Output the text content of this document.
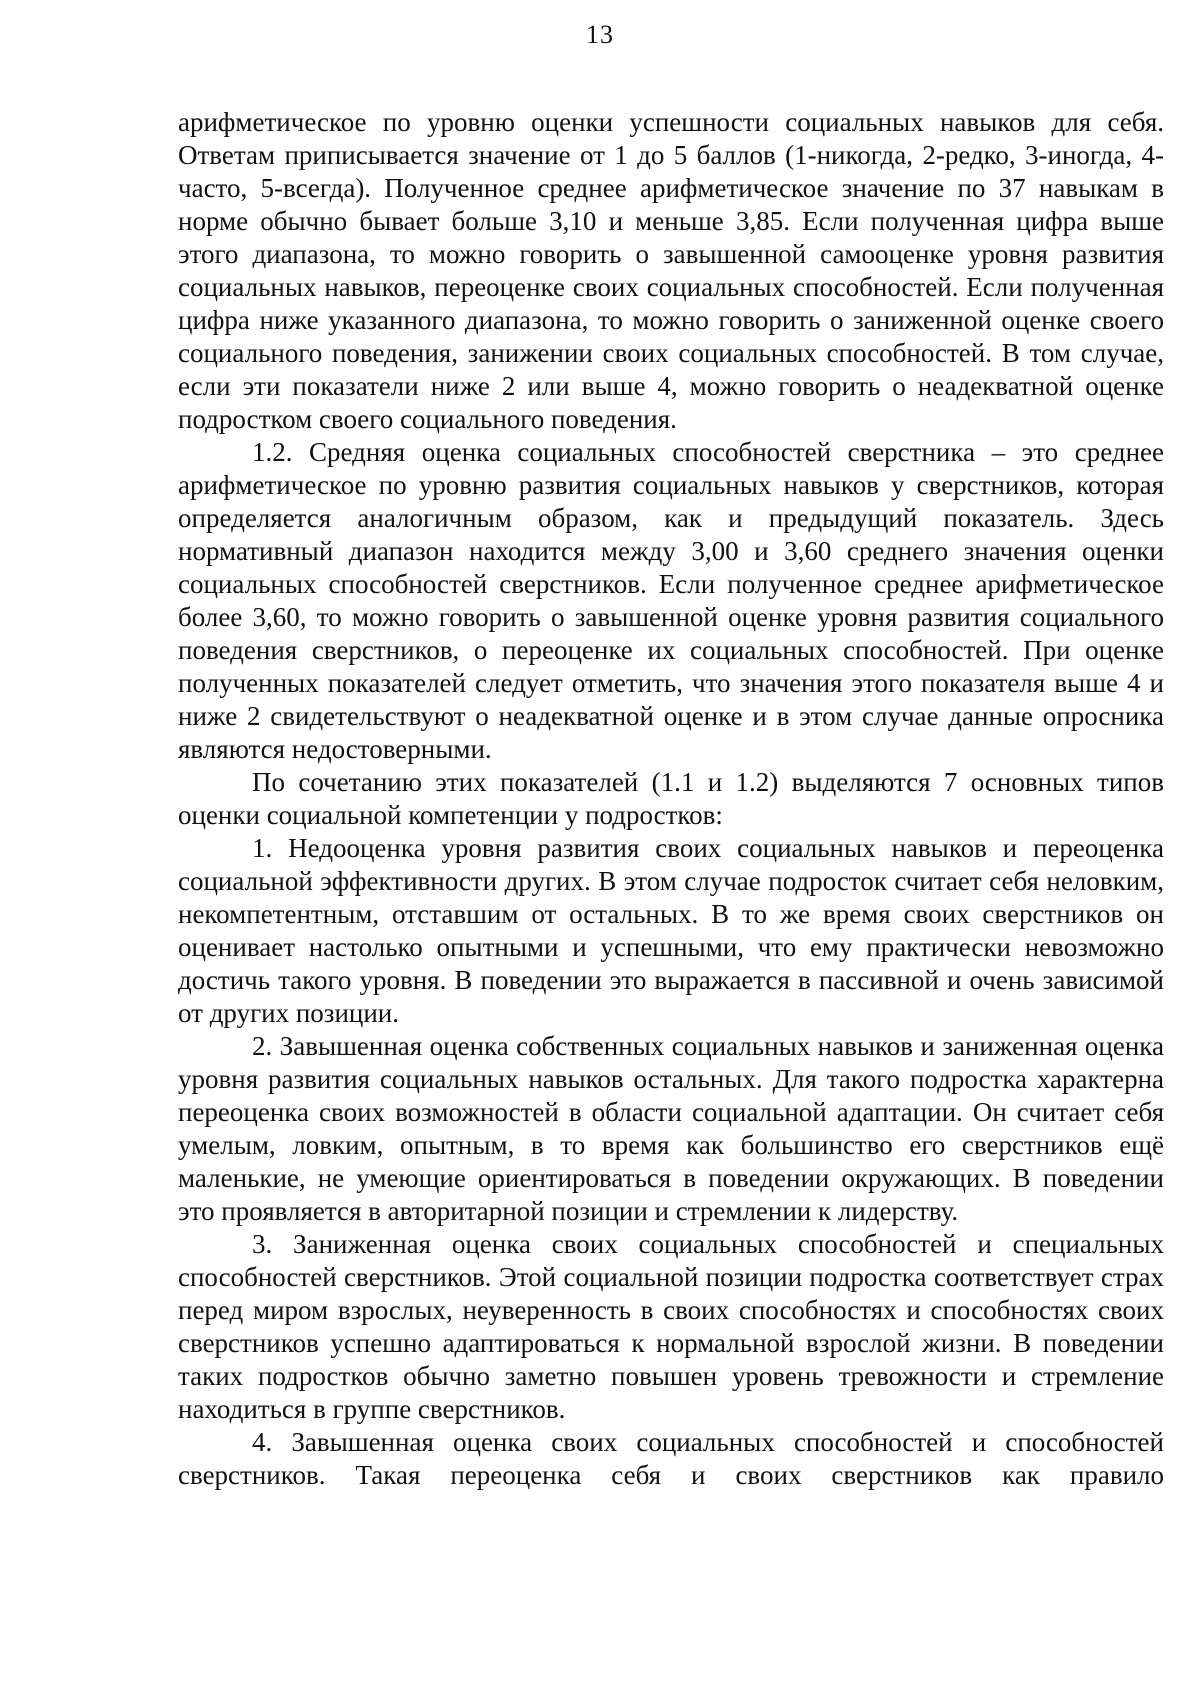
13

арифметическое по уровню оценки успешности социальных навыков для себя. Ответам приписывается значение от 1 до 5 баллов (1-никогда, 2-редко, 3-иногда, 4-часто, 5-всегда). Полученное среднее арифметическое значение по 37 навыкам в норме обычно бывает больше 3,10 и меньше 3,85. Если полученная цифра выше этого диапазона, то можно говорить о завышенной самооценке уровня развития социальных навыков, переоценке своих социальных способностей. Если полученная цифра ниже указанного диапазона, то можно говорить о заниженной оценке своего социального поведения, занижении своих социальных способностей. В том случае, если эти показатели ниже 2 или выше 4, можно говорить о неадекватной оценке подростком своего социального поведения.

1.2. Средняя оценка социальных способностей сверстника – это среднее арифметическое по уровню развития социальных навыков у сверстников, которая определяется аналогичным образом, как и предыдущий показатель. Здесь нормативный диапазон находится между 3,00 и 3,60 среднего значения оценки социальных способностей сверстников. Если полученное среднее арифметическое более 3,60, то можно говорить о завышенной оценке уровня развития социального поведения сверстников, о переоценке их социальных способностей. При оценке полученных показателей следует отметить, что значения этого показателя выше 4 и ниже 2 свидетельствуют о неадекватной оценке и в этом случае данные опросника являются недостоверными.

По сочетанию этих показателей (1.1 и 1.2) выделяются 7 основных типов оценки социальной компетенции у подростков:

1. Недооценка уровня развития своих социальных навыков и переоценка социальной эффективности других. В этом случае подросток считает себя неловким, некомпетентным, отставшим от остальных. В то же время своих сверстников он оценивает настолько опытными и успешными, что ему практически невозможно достичь такого уровня. В поведении это выражается в пассивной и очень зависимой от других позиции.

2. Завышенная оценка собственных социальных навыков и заниженная оценка уровня развития социальных навыков остальных. Для такого подростка характерна переоценка своих возможностей в области социальной адаптации. Он считает себя умелым, ловким, опытным, в то время как большинство его сверстников ещё маленькие, не умеющие ориентироваться в поведении окружающих. В поведении это проявляется в авторитарной позиции и стремлении к лидерству.

3. Заниженная оценка своих социальных способностей и специальных способностей сверстников. Этой социальной позиции подростка соответствует страх перед миром взрослых, неуверенность в своих способностях и способностях своих сверстников успешно адаптироваться к нормальной взрослой жизни. В поведении таких подростков обычно заметно повышен уровень тревожности и стремление находиться в группе сверстников.

4. Завышенная оценка своих социальных способностей и способностей сверстников. Такая переоценка себя и своих сверстников как правило
